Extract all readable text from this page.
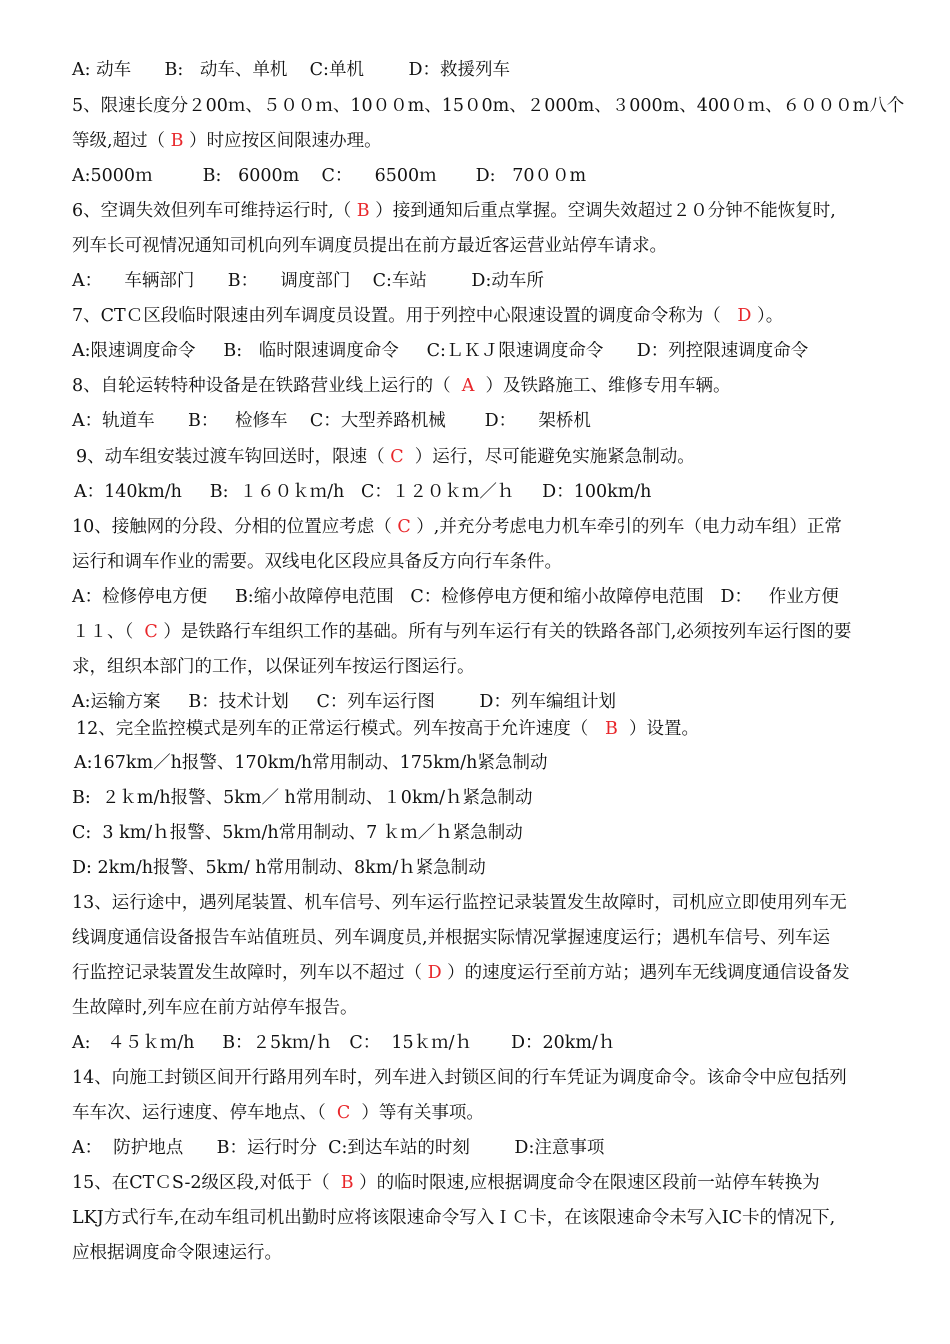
A: 动车      B:   动车、单机    C:单机        D：救援列车
5、限速长度分２00ｍ、５００ｍ、10００m、15０0m、２000m、３000m、400０ｍ、６０００m八个
等级,超过（ B ）时应按区间限速办理。
A:5000ｍ         B:   6000m    C：    6500ｍ       D:   70００m
6、空调失效但列车可维持运行时,（ B ）接到通知后重点掌握。空调失效超过２０分钟不能恢复时,
列车长可视情况通知司机向列车调度员提出在前方最近客运营业站停车请求。
A：    车辆部门      B：    调度部门    C:车站        D:动车所
7、CTＣ区段临时限速由列车调度员设置。用于列控中心限速设置的调度命令称为（   D ）。
A:限速调度命令     B:   临时限速调度命令     C:ＬＫＪ限速调度命令      D：列控限速调度命令
8、自轮运转特种设备是在铁路营业线上运行的（  A  ）及铁路施工、维修专用车辆。
A：轨道车      B：   检修车    C：大型养路机械       D：    架桥机
9、动车组安装过渡车钩回送时，限速（ C  ）运行，尽可能避免实施紧急制动。
A：140km/h     B:  １６０ｋｍ/h   C：１２０ｋｍ／ｈ     D：100km/h
10、接触网的分段、分相的位置应考虑（ C ）,并充分考虑电力机车牵引的列车（电力动车组）正常
运行和调车作业的需要。双线电化区段应具备反方向行车条件。
A：检修停电方便     B:缩小故障停电范围   C：检修停电方便和缩小故障停电范围   D：   作业方便
１１、（  C ）是铁路行车组织工作的基础。所有与列车运行有关的铁路各部门,必须按列车运行图的要
求，组织本部门的工作，以保证列车按运行图运行。
A:运输方案     B：技术计划     C：列车运行图        D：列车编组计划
12、完全监控模式是列车的正常运行模式。列车按高于允许速度（   B  ）设置。
A:167km／h报警、170km/h常用制动、175km/h紧急制动
B:  ２ｋm/h报警、5km／ h常用制动、１0km/ｈ紧急制动
C:  3 km/ｈ报警、5kｍ/h常用制动、7 ｋｍ／ｈ紧急制动
D: 2km/h报警、5km/ h常用制动、8km/ｈ紧急制动
13、运行途中，遇列尾装置、机车信号、列车运行监控记录装置发生故障时，司机应立即使用列车无
线调度通信设备报告车站值班员、列车调度员,并根据实际情况掌握速度运行；遇机车信号、列车运
行监控记录装置发生故障时，列车以不超过（ D ）的速度运行至前方站；遇列车无线调度通信设备发
生故障时,列车应在前方站停车报告。
A:   ４５ｋｍ/h     B：２5kｍ/ｈ   C：  15ｋｍ/ｈ       D：20km/ｈ
14、向施工封锁区间开行路用列车时，列车进入封锁区间的行车凭证为调度命令。该命令中应包括列
车车次、运行速度、停车地点、（  C  ）等有关事项。
A：  防护地点      B：运行时分  C:到达车站的时刻        D:注意事项
15、在CTＣS-2级区段,对低于（  B ）的临时限速,应根据调度命令在限速区段前一站停车转换为
LKJ方式行车,在动车组司机出勤时应将该限速命令写入ＩＣ卡，在该限速命令未写入IC卡的情况下,
应根据调度命令限速运行。
